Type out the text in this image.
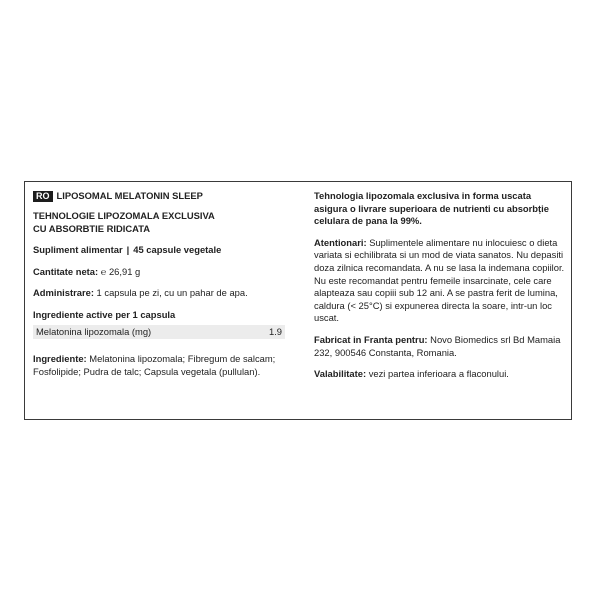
RO LIPOSOMAL MELATONIN SLEEP
TEHNOLOGIE LIPOZOMALA EXCLUSIVA
CU ABSORBTIE RIDICATA
Supliment alimentar | 45 capsule vegetale
Cantitate neta: ℮ 26,91 g
Administrare: 1 capsula pe zi, cu un pahar de apa.
Ingrediente active per 1 capsula
Melatonina lipozomala (mg)	1.9
Ingrediente: Melatonina lipozomala; Fibregum de salcam; Fosfolipide; Pudra de talc; Capsula vegetala (pullulan).
Tehnologia lipozomala exclusiva in forma uscata asigura o livrare superioara de nutrienti cu absorbție celulara de pana la 99%.
Atentionari: Suplimentele alimentare nu inlocuiesc o dieta variata si echilibrata si un mod de viata sanatos. Nu depasiti doza zilnica recomandata. A nu se lasa la indemana copiilor. Nu este recomandat pentru femeile insarcinate, cele care alapteaza sau copiii sub 12 ani. A se pastra ferit de lumina, caldura (< 25°C) si expunerea directa la soare, intr-un loc uscat.
Fabricat in Franta pentru: Novo Biomedics srl Bd Mamaia 232, 900546 Constanta, Romania.
Valabilitate: vezi partea inferioara a flaconului.
